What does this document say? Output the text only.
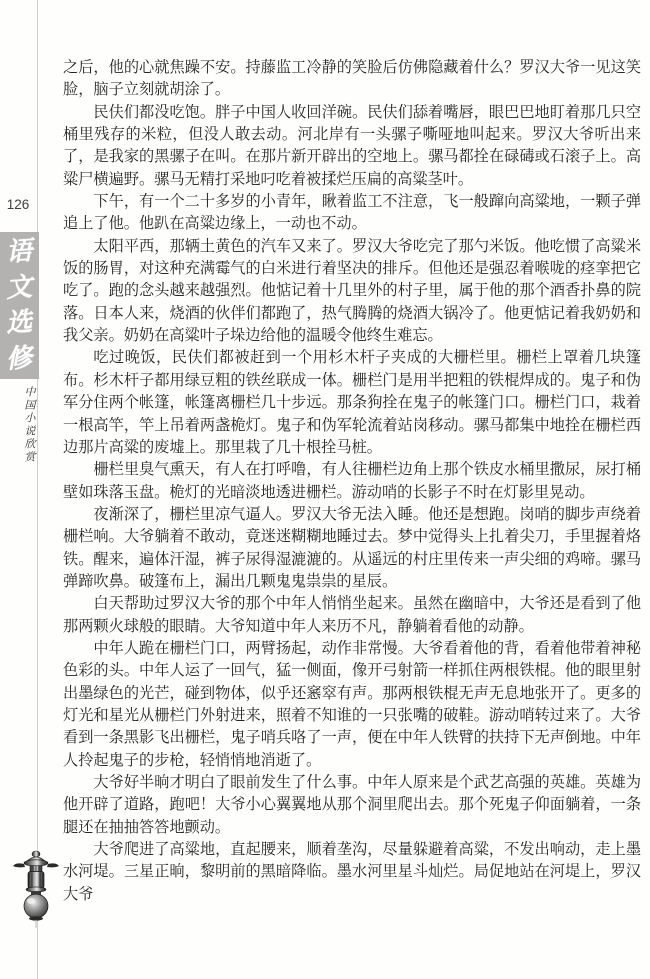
126
语
文
选
修
中国小说欣赏

之后，他的心就焦躁不安。持藤监工冷静的笑脸后仿佛隐藏着什么？罗汉大爷一见这笑脸，脑子立刻就胡涂了。

民伕们都没吃饱。胖子中国人收回洋碗。民伕们舔着嘴唇，眼巴巴地盯着那几只空桶里残存的米粒，但没人敢去动。河北岸有一头骡子嘶哑地叫起来。罗汉大爷听出来了，是我家的黑骡子在叫。在那片新开辟出的空地上。骡马都拴在碌碡或石滚子上。高粱尸横遍野。骡马无精打采地叼吃着被揉烂压扁的高粱茎叶。

下午，有一个二十多岁的小青年，瞅着监工不注意，飞一般蹿向高粱地，一颗子弹追上了他。他趴在高粱边缘上，一动也不动。

太阳平西，那辆土黄色的汽车又来了。罗汉大爷吃完了那勺米饭。他吃惯了高粱米饭的肠胃，对这种充满霉气的白米进行着坚决的排斥。但他还是强忍着喉咙的痉挛把它吃了。跑的念头越来越强烈。他惦记着十几里外的村子里，属于他的那个酒香扑鼻的院落。日本人来，烧酒的伙伴们都跑了，热气腾腾的烧酒大锅冷了。他更惦记着我奶奶和我父亲。奶奶在高粱叶子垛边给他的温暖令他终生难忘。

吃过晚饭，民伕们都被赶到一个用杉木杆子夹成的大栅栏里。栅栏上罩着几块篷布。杉木杆子都用绿豆粗的铁丝联成一体。栅栏门是用半把粗的铁棍焊成的。鬼子和伪军分住两个帐篷，帐篷离栅栏几十步远。那条狗拴在鬼子的帐篷门口。栅栏门口，栽着一根高竿，竿上吊着两盏桅灯。鬼子和伪军轮流着站岗移动。骡马都集中地拴在栅栏西边那片高粱的废墟上。那里栽了几十根拴马桩。

栅栏里臭气熏天，有人在打呼噜，有人往栅栏边角上那个铁皮水桶里撒尿，尿打桶壁如珠落玉盘。桅灯的光暗淡地透进栅栏。游动哨的长影子不时在灯影里晃动。

夜渐深了，栅栏里凉气逼人。罗汉大爷无法入睡。他还是想跑。岗哨的脚步声绕着栅栏响。大爷躺着不敢动，竟迷迷糊糊地睡过去。梦中觉得头上扎着尖刀，手里握着烙铁。醒来，遍体汗湿，裤子尿得湿漉漉的。从遥远的村庄里传来一声尖细的鸡啼。骡马弹蹄吹鼻。破篷布上，漏出几颗鬼鬼祟祟的星辰。

白天帮助过罗汉大爷的那个中年人悄悄坐起来。虽然在幽暗中，大爷还是看到了他那两颗火球般的眼睛。大爷知道中年人来历不凡，静躺着看他的动静。

中年人跪在栅栏门口，两臂扬起，动作非常慢。大爷看着他的背，看着他带着神秘色彩的头。中年人运了一回气，猛一侧面，像开弓射箭一样抓住两根铁棍。他的眼里射出墨绿色的光芒，碰到物体，似乎还窸窣有声。那两根铁棍无声无息地张开了。更多的灯光和星光从栅栏门外射进来，照着不知谁的一只张嘴的破鞋。游动哨转过来了。大爷看到一条黑影飞出栅栏，鬼子哨兵咯了一声，便在中年人铁臂的扶持下无声倒地。中年人拎起鬼子的步枪，轻悄悄地消逝了。

大爷好半晌才明白了眼前发生了什么事。中年人原来是个武艺高强的英雄。英雄为他开辟了道路，跑吧！大爷小心翼翼地从那个洞里爬出去。那个死鬼子仰面躺着，一条腿还在抽抽答答地颤动。

大爷爬进了高粱地，直起腰来，顺着垄沟，尽量躲避着高粱，不发出响动，走上墨水河堤。三星正晌，黎明前的黑暗降临。墨水河里星斗灿烂。局促地站在河堤上，罗汉大爷
